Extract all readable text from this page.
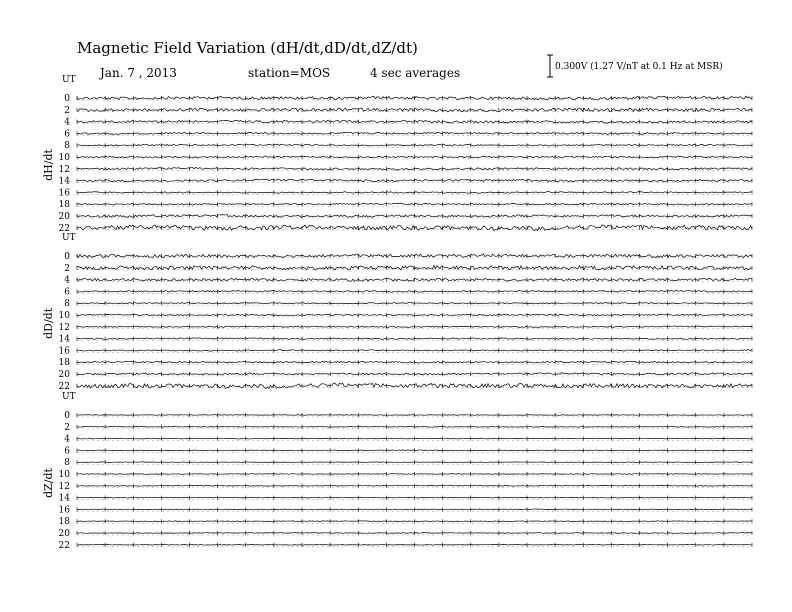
Magnetic Field Variation (dH/dt,dD/dt,dZ/dt)
Jan. 7 , 2013	station=MOS	4 sec averages	0.300V (1.27 V/nT at 0.1 Hz at MSR)
UT
dH/dt
0
2
4
6
8
10
12
14
16
18
20
22
UT
dD/dt
0
2
4
6
8
10
12
14
16
18
20
22
UT
dZ/dt
0
2
4
6
8
10
12
14
16
18
20
22
